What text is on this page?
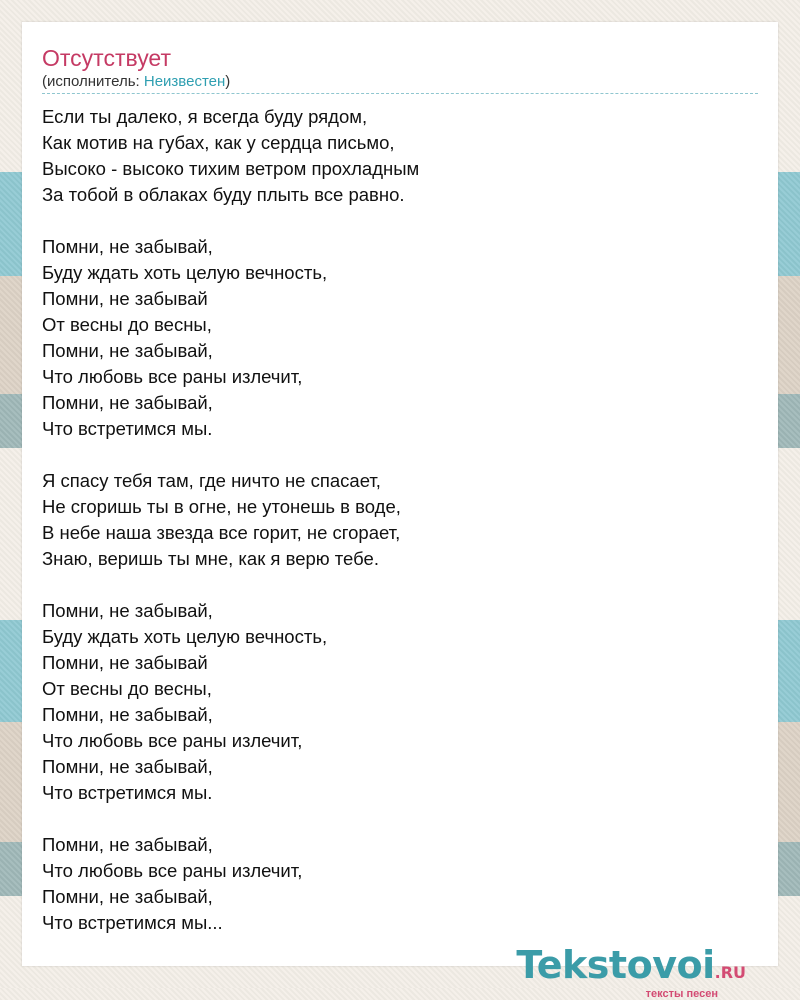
Отсутствует
(исполнитель: Неизвестен)
Если ты далеко, я всегда буду рядом,
Как мотив на губах, как у сердца письмо,
Высоко - высоко тихим ветром прохладным
За тобой в облаках буду плыть все равно.
Помни, не забывай,
Буду ждать хоть целую вечность,
Помни, не забывай
От весны до весны,
Помни, не забывай,
Что любовь все раны излечит,
Помни, не забывай,
Что встретимся мы.
Я спасу тебя там, где ничто не спасает,
Не сгоришь ты в огне, не утонешь в воде,
В небе наша звезда все горит, не сгорает,
Знаю, веришь ты мне, как я верю тебе.
Помни, не забывай,
Буду ждать хоть целую вечность,
Помни, не забывай
От весны до весны,
Помни, не забывай,
Что любовь все раны излечит,
Помни, не забывай,
Что встретимся мы.
Помни, не забывай,
Что любовь все раны излечит,
Помни, не забывай,
Что встретимся мы...
Tekstovoi.RU
тексты песен
